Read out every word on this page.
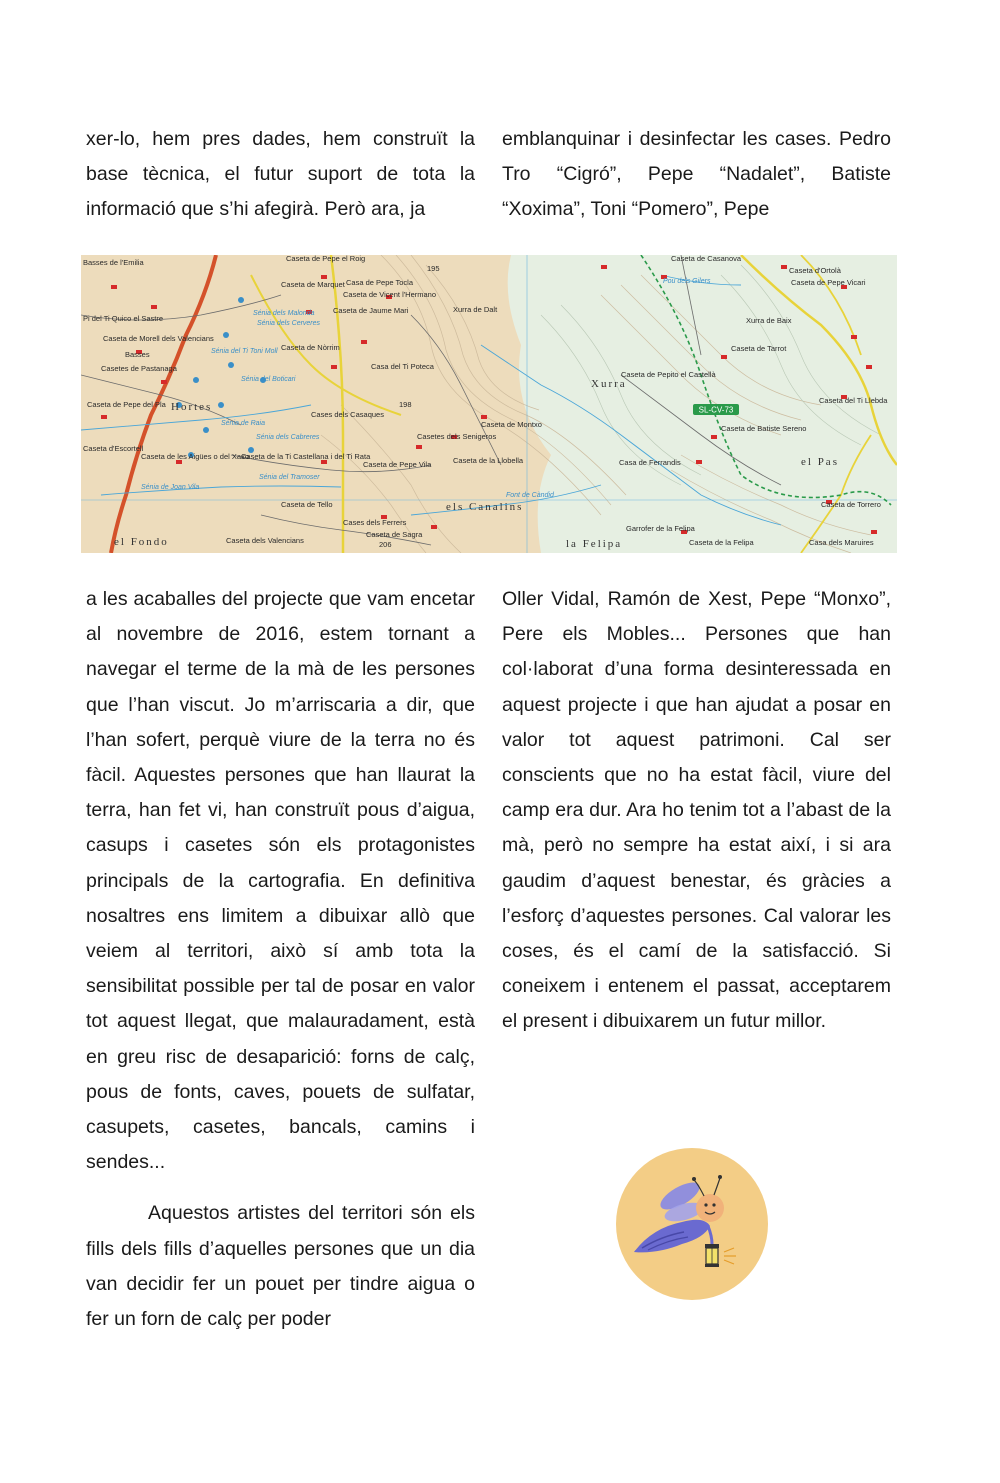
xer-lo, hem pres dades, hem construït la base tècnica, el futur suport de tota la informació que s’hi afegirà. Però ara, ja

emblanquinar i desinfectar les cases. Pedro Tro “Cigró”, Pepe “Nadalet”, Batiste “Xoxima”, Toni “Pomero”, Pepe

SL-CV-73
Hortes
Xurra
els Canalins
el Pas
el Fondo	la Felipa
Xurra de Dalt
Xurra de Baix
Basses de l'Emilia
Pi del Ti Quico el Sastre
Caseta de Morell dels Valencians
Basses
Casetes de Pastanaga
Caseta de Pepe del Pla
Caseta d'Escortell
Caseta de les Aigües o del Xaxo
Caseta de Pepe el Roig
Caseta de Marquet
Caseta de Nòrrim
Casa de Pepe Tocla
Caseta de Vicent l'Hermano
Caseta de Jaume Mari
Casa del Ti Poteca
Cases dels Casaques
Casetes dels Senigeros
Caseta de Pepe Vila	Caseta de la Llobella
Caseta de Montxo
Caseta de la Ti Castellana i del Ti Rata
Caseta de Tello
Cases dels Ferrers
Caseta de Sagra
Caseta dels Valencians
Caseta de Casanova
Caseta d'Ortolà
Caseta de Pepe Vicari
Caseta de Tarrot
Caseta de Pepito el Castellà
Caseta de Batiste Sereno
Casa de Ferrandis
Caseta del Ti Llebda
Caseta de Torrero
Casa dels Maruires
Garrofer de la Felipa
Caseta de la Felipa
Sénia dels Malonda
Sénia dels Cerveres
Sénia del Ti Toni Moll
Sénia del Boticari
Sénia de Raia
Sénia dels Cabreres
Sénia del Tramoser
Sénia de Joan Vila
Font de Càndid
Pou dels Gilers
195
198
206

a les acaballes del projecte que vam encetar al novembre de 2016, estem tornant a navegar el terme de la mà de les persones que l’han viscut. Jo m’arriscaria a dir, que l’han sofert, perquè viure de la terra no és fàcil. Aquestes persones que han llaurat la terra, han fet vi, han construït pous d’aigua, casups i casetes són els protagonistes principals de la cartografia. En definitiva nosaltres ens limitem a dibuixar allò que veiem al territori, això sí amb tota la sensibilitat possible per tal de posar en valor tot aquest llegat, que malauradament, està en greu risc de desaparició: forns de calç, pous de fonts, caves, pouets de sulfatar, casupets, casetes, bancals, camins i sendes...

Aquestos artistes del territori són els fills dels fills d’aquelles persones que un dia van decidir fer un pouet per tindre aigua o fer un forn de calç per poder

Oller Vidal, Ramón de Xest, Pepe “Monxo”, Pere els Mobles... Persones que han col·laborat d’una forma desinteressada en aquest projecte i que han ajudat a posar en valor tot aquest patrimoni. Cal ser conscients que no ha estat fàcil, viure del camp era dur. Ara ho tenim tot a l’abast de la mà, però no sempre ha estat així, i si ara gaudim d’aquest benestar, és gràcies a l’esforç d’aquestes persones. Cal valorar les coses, és el camí de la satisfacció. Si coneixem i entenem el passat, acceptarem el present i dibuixarem un futur millor.
